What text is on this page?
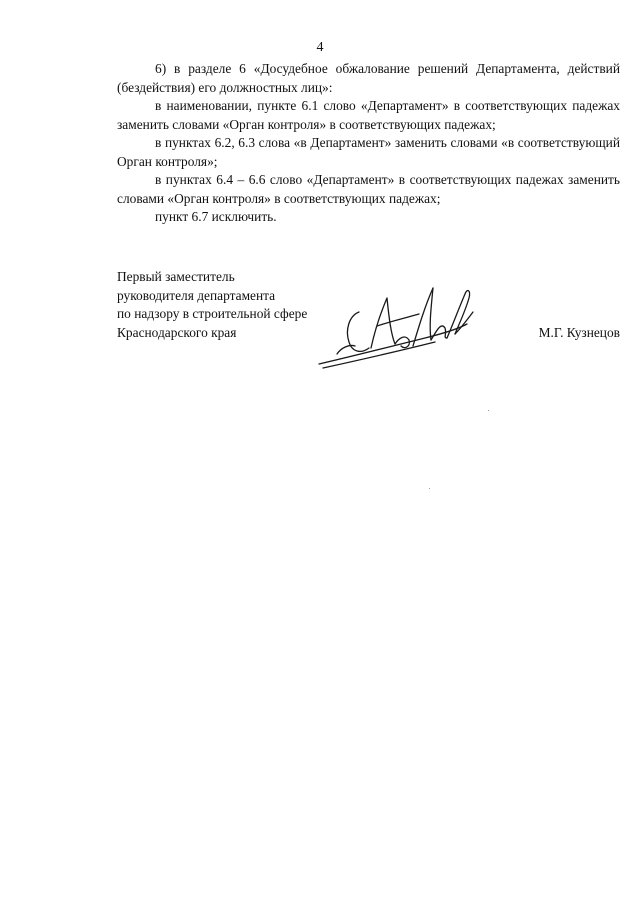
4

6) в разделе 6 «Досудебное обжалование решений Департамента, действий (бездействия) его должностных лиц»:

в наименовании, пункте 6.1 слово «Департамент» в соответствующих падежах заменить словами «Орган контроля» в соответствующих падежах;

в пунктах 6.2, 6.3 слова «в Департамент» заменить словами «в соответствующий Орган контроля»;

в пунктах 6.4 – 6.6 слово «Департамент» в соответствующих падежах заменить словами «Орган контроля» в соответствующих падежах;

пункт 6.7 исключить.

Первый заместитель
руководителя департамента
по надзору в строительной сфере
Краснодарского края	М.Г. Кузнецов
